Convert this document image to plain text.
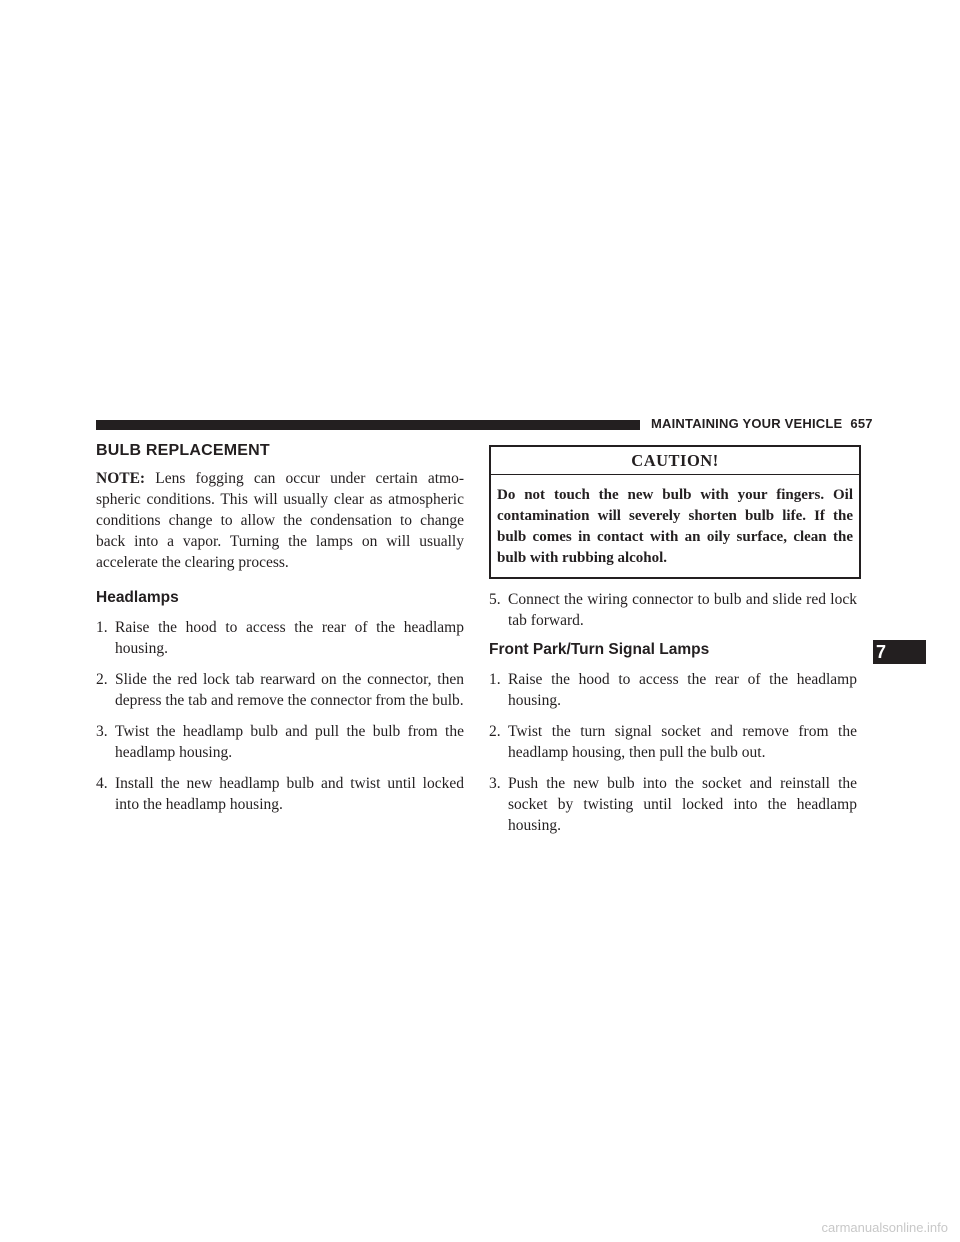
MAINTAINING YOUR VEHICLE 657
BULB REPLACEMENT

NOTE: Lens fogging can occur under certain atmo-spheric conditions. This will usually clear as atmospheric conditions change to allow the condensation to change back into a vapor. Turning the lamps on will usually accelerate the clearing process.

Headlamps
1. Raise the hood to access the rear of the headlamp housing.
2. Slide the red lock tab rearward on the connector, then depress the tab and remove the connector from the bulb.
3. Twist the headlamp bulb and pull the bulb from the headlamp housing.
4. Install the new headlamp bulb and twist until locked into the headlamp housing.
CAUTION!
Do not touch the new bulb with your fingers. Oil contamination will severely shorten bulb life. If the bulb comes in contact with an oily surface, clean the bulb with rubbing alcohol.
5. Connect the wiring connector to bulb and slide red lock tab forward.
Front Park/Turn Signal Lamps
1. Raise the hood to access the rear of the headlamp housing.
2. Twist the turn signal socket and remove from the headlamp housing, then pull the bulb out.
3. Push the new bulb into the socket and reinstall the socket by twisting until locked into the headlamp housing.
7
carmanualsonline.info
